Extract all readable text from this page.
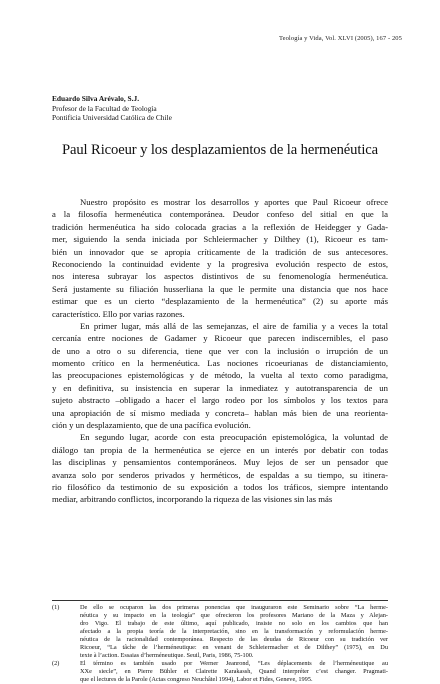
Teología y Vida, Vol. XLVI (2005), 167 - 205
Eduardo Silva Arévalo, S.J.
Profesor de la Facultad de Teología
Pontificia Universidad Católica de Chile
Paul Ricoeur y los desplazamientos de la hermenéutica
Nuestro propósito es mostrar los desarrollos y aportes que Paul Ricoeur ofrece
a la filosofía hermenéutica contemporánea. Deudor confeso del sitial en que la
tradición hermenéutica ha sido colocada gracias a la reflexión de Heidegger y Gada-
mer, siguiendo la senda iniciada por Schleiermacher y Dilthey (1), Ricoeur es tam-
bién un innovador que se apropia críticamente de la tradición de sus antecesores.
Reconociendo la continuidad evidente y la progresiva evolución respecto de estos,
nos interesa subrayar los aspectos distintivos de su fenomenología hermenéutica.
Será justamente su filiación husserliana la que le permite una distancia que nos hace
estimar que es un cierto “desplazamiento de la hermenéutica” (2) su aporte más
característico. Ello por varias razones.
En primer lugar, más allá de las semejanzas, el aire de familia y a veces la total
cercanía entre nociones de Gadamer y Ricoeur que parecen indiscernibles, el paso
de uno a otro o su diferencia, tiene que ver con la inclusión o irrupción de un
momento crítico en la hermenéutica. Las nociones ricoeurianas de distanciamiento,
las preocupaciones epistemológicas y de método, la vuelta al texto como paradigma,
y en definitiva, su insistencia en superar la inmediatez y autotransparencia de un
sujeto abstracto –obligado a hacer el largo rodeo por los símbolos y los textos para
una apropiación de sí mismo mediada y concreta– hablan más bien de una reorienta-
ción y un desplazamiento, que de una pacífica evolución.
En segundo lugar, acorde con esta preocupación epistemológica, la voluntad de
diálogo tan propia de la hermenéutica se ejerce en un interés por debatir con todas
las disciplinas y pensamientos contemporáneos. Muy lejos de ser un pensador que
avanza solo por senderos privados y herméticos, de espaldas a su tiempo, su itinera-
rio filosófico da testimonio de su exposición a todos los tráficos, siempre intentando
mediar, arbitrando conflictos, incorporando la riqueza de las visiones sin las más
(1)	De ello se ocuparon las dos primeras ponencias que inauguraron este Seminario sobre “La herme-
néutica y su impacto en la teología” que ofrecieron los profesores Mariano de la Maza y Alejan-
dro Vigo. El trabajo de este último, aquí publicado, insiste no solo en los cambios que han
afectado a la propia teoría de la interpretación, sino en la transformación y reformulación herme-
néutica de la racionalidad contemporánea. Respecto de las deudas de Ricoeur con su tradición ver
Ricoeur, “La tâche de l’herméneutique: en venant de Schleiermacher et de Dilthey” (1975), en Du
texte à l’action. Essaias d’herméneutique. Seuil, Paris, 1986, 75-100.
(2)	El término es también usado por Werner Jeanrond, “Les déplacements de l’herméneutique au
XXe siecle”, en Pierre Bühler et Clairette Karakassh, Quand interpréter c’est changer. Pragmati-
que el lectures de la Parole (Actas congreso Neuchâtel 1994), Labor et Fides, Geneve, 1995.
